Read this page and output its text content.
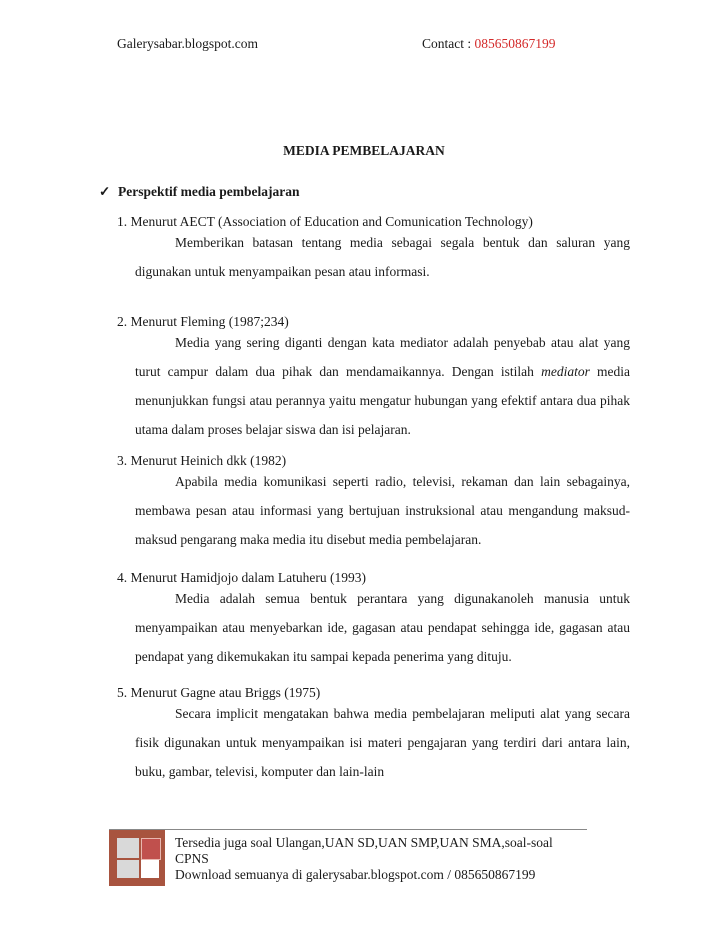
Galerysabar.blogspot.com	Contact : 085650867199
MEDIA PEMBELAJARAN
✓ Perspektif media pembelajaran
1. Menurut AECT (Association of Education and Comunication Technology)
Memberikan batasan tentang media sebagai segala bentuk dan saluran yang digunakan untuk menyampaikan pesan atau informasi.
2. Menurut Fleming (1987;234)
Media yang sering diganti dengan kata mediator adalah penyebab atau alat yang turut campur dalam dua pihak dan mendamaikannya. Dengan istilah mediator media menunjukkan fungsi atau perannya yaitu mengatur hubungan yang efektif antara dua pihak utama dalam proses belajar siswa dan isi pelajaran.
3. Menurut Heinich dkk (1982)
Apabila media komunikasi seperti radio, televisi, rekaman dan lain sebagainya, membawa pesan atau informasi yang bertujuan instruksional atau mengandung maksud-maksud pengarang maka media itu disebut media pembelajaran.
4. Menurut Hamidjojo dalam Latuheru (1993)
Media adalah semua bentuk perantara yang digunakanoleh manusia untuk menyampaikan atau menyebarkan ide, gagasan atau pendapat sehingga ide, gagasan atau pendapat yang dikemukakan itu sampai kepada penerima yang dituju.
5. Menurut Gagne atau Briggs (1975)
Secara implicit mengatakan bahwa media pembelajaran meliputi alat yang secara fisik digunakan untuk menyampaikan isi materi pengajaran yang terdiri dari antara lain, buku, gambar, televisi, komputer dan lain-lain
Tersedia juga soal Ulangan,UAN SD,UAN SMP,UAN SMA,soal-soal
CPNS
Download semuanya di galerysabar.blogspot.com / 085650867199
